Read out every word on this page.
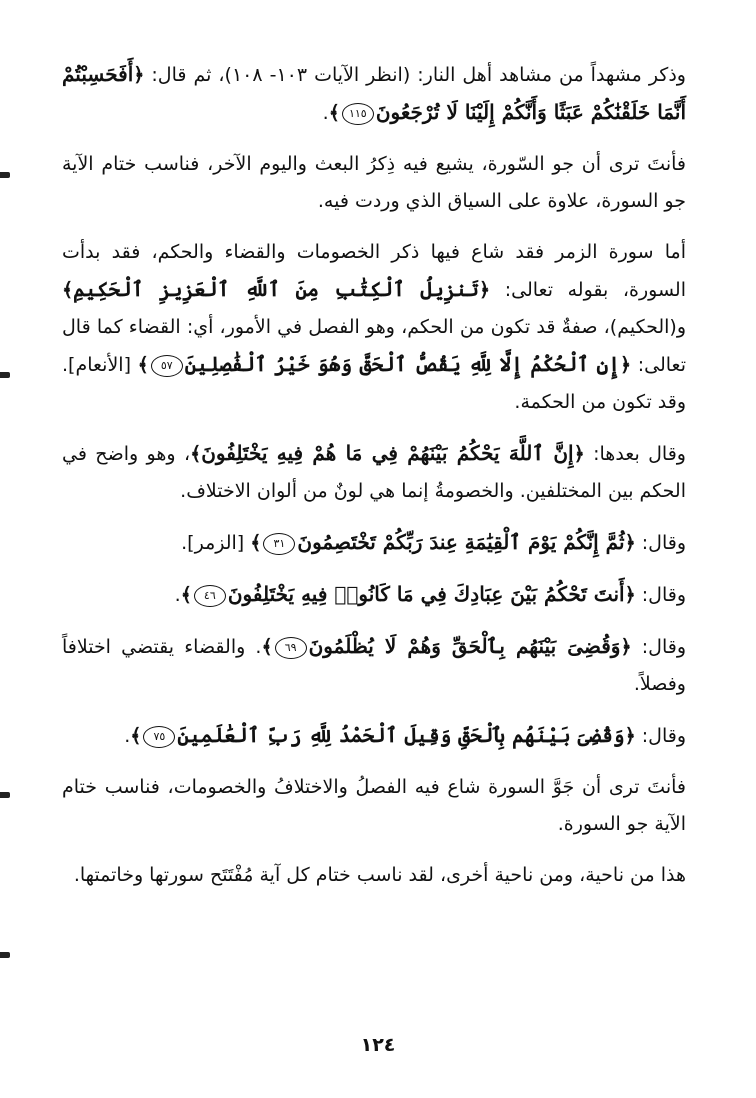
وذكر مشهداً من مشاهد أهل النار: (انظر الآيات ١٠٣- ١٠٨)، ثم قال: ﴿أَفَحَسِبْتُمْ أَنَّمَا خَلَقْنَٰكُمْ عَبَثًا وَأَنَّكُمْ إِلَيْنَا لَا تُرْجَعُونَ١١٥﴾.

فأنتَ ترى أن جو السّورة، يشيع فيه ذِكرُ البعث واليوم الآخر، فناسب ختام الآية جو السورة، علاوة على السياق الذي وردت فيه.

أما سورة الزمر فقد شاع فيها ذكر الخصومات والقضاء والحكم، فقد بدأت السورة، بقوله تعالى: ﴿تَنزِيلُ ٱلْكِتَٰبِ مِنَ ٱللَّهِ ٱلْعَزِيزِ ٱلْحَكِيمِ﴾ و(الحكيم)، صفةٌ قد تكون من الحكم، وهو الفصل في الأمور، أي: القضاء كما قال تعالى: ﴿إِنِ ٱلْحُكْمُ إِلَّا لِلَّهِ يَقُصُّ ٱلْحَقَّ وَهُوَ خَيْرُ ٱلْفَٰصِلِينَ٥٧﴾ [الأنعام]. وقد تكون من الحكمة.

وقال بعدها: ﴿إِنَّ ٱللَّهَ يَحْكُمُ بَيْنَهُمْ فِي مَا هُمْ فِيهِ يَخْتَلِفُونَ﴾، وهو واضح في الحكم بين المختلفين. والخصومةُ إنما هي لونٌ من ألوان الاختلاف.

وقال: ﴿ثُمَّ إِنَّكُمْ يَوْمَ ٱلْقِيَٰمَةِ عِندَ رَبِّكُمْ تَخْتَصِمُونَ٣١﴾ [الزمر].

وقال: ﴿أَنتَ تَحْكُمُ بَيْنَ عِبَادِكَ فِي مَا كَانُوا۟ فِيهِ يَخْتَلِفُونَ٤٦﴾.

وقال: ﴿وَقُضِىَ بَيْنَهُم بِٱلْحَقِّ وَهُمْ لَا يُظْلَمُونَ٦٩﴾. والقضاء يقتضي اختلافاً وفصلاً.

وقال: ﴿وَقُضِىَ بَيْنَهُم بِٱلْحَقِّ وَقِيلَ ٱلْحَمْدُ لِلَّهِ رَبِّ ٱلْعَٰلَمِينَ٧٥﴾.

فأنتَ ترى أن جَوَّ السورة شاع فيه الفصلُ والاختلافُ والخصومات، فناسب ختام الآية جو السورة.

هذا من ناحية، ومن ناحية أخرى، لقد ناسب ختام كل آية مُفْتَتَح سورتها وخاتمتها.

١٢٤
